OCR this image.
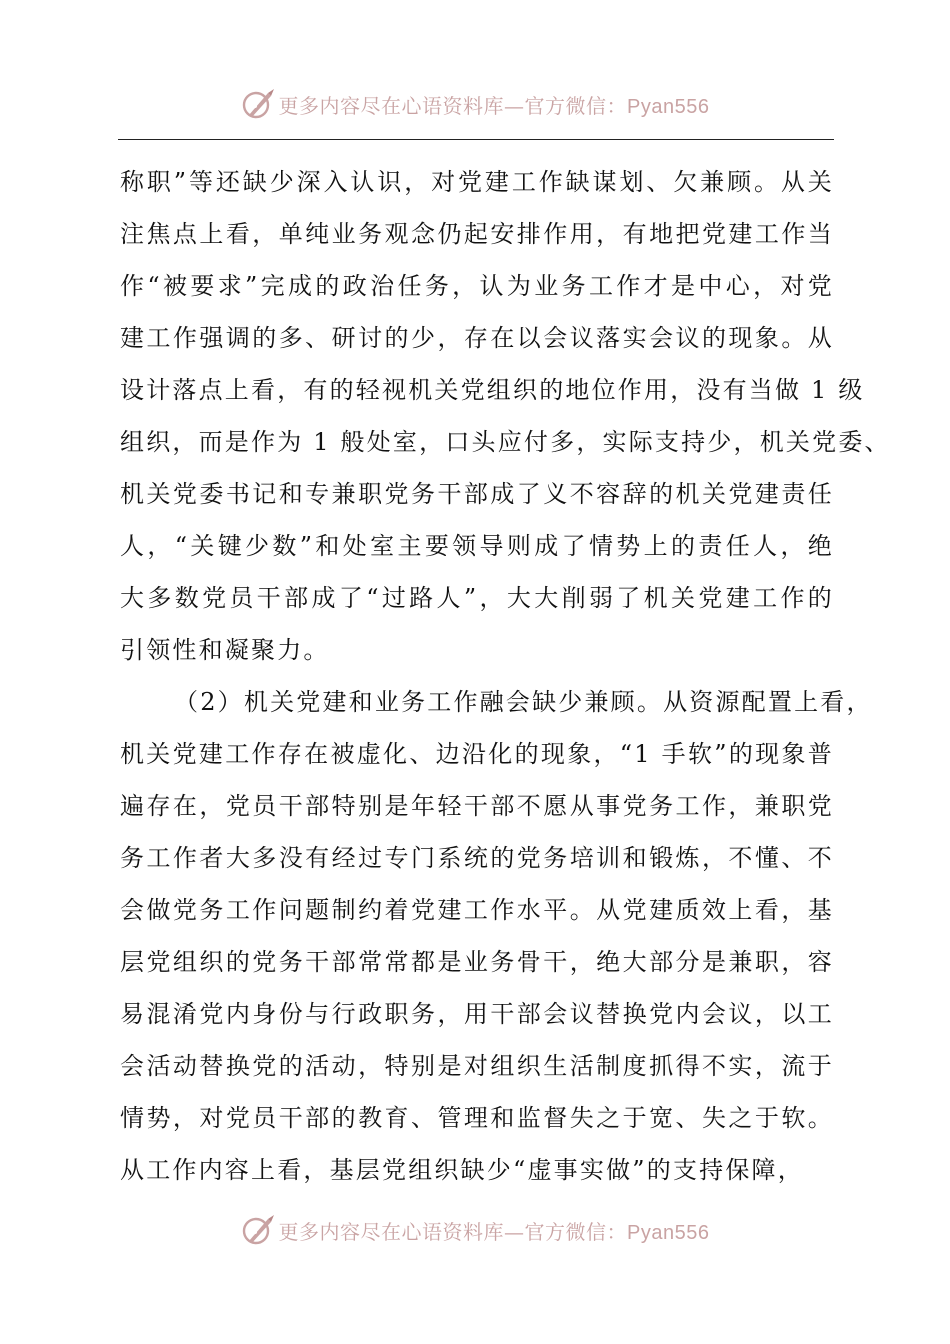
更多内容尽在心语资料库—官方微信：Pyan556
称职”等还缺少深入认识，对党建工作缺谋划、欠兼顾。从关
注焦点上看，单纯业务观念仍起安排作用，有地把党建工作当
作“被要求”完成的政治任务，认为业务工作才是中心，对党
建工作强调的多、研讨的少，存在以会议落实会议的现象。从
设计落点上看，有的轻视机关党组织的地位作用，没有当做 1 级
组织，而是作为 1 般处室，口头应付多，实际支持少，机关党委、
机关党委书记和专兼职党务干部成了义不容辞的机关党建责任
人，“关键少数”和处室主要领导则成了情势上的责任人，绝
大多数党员干部成了“过路人”，大大削弱了机关党建工作的
引领性和凝聚力。
（2）机关党建和业务工作融会缺少兼顾。从资源配置上看，
机关党建工作存在被虚化、边沿化的现象，“1 手软”的现象普
遍存在，党员干部特别是年轻干部不愿从事党务工作，兼职党
务工作者大多没有经过专门系统的党务培训和锻炼，不懂、不
会做党务工作问题制约着党建工作水平。从党建质效上看，基
层党组织的党务干部常常都是业务骨干，绝大部分是兼职，容
易混淆党内身份与行政职务，用干部会议替换党内会议，以工
会活动替换党的活动，特别是对组织生活制度抓得不实，流于
情势，对党员干部的教育、管理和监督失之于宽、失之于软。
从工作内容上看，基层党组织缺少“虚事实做”的支持保障，
更多内容尽在心语资料库—官方微信：Pyan556
